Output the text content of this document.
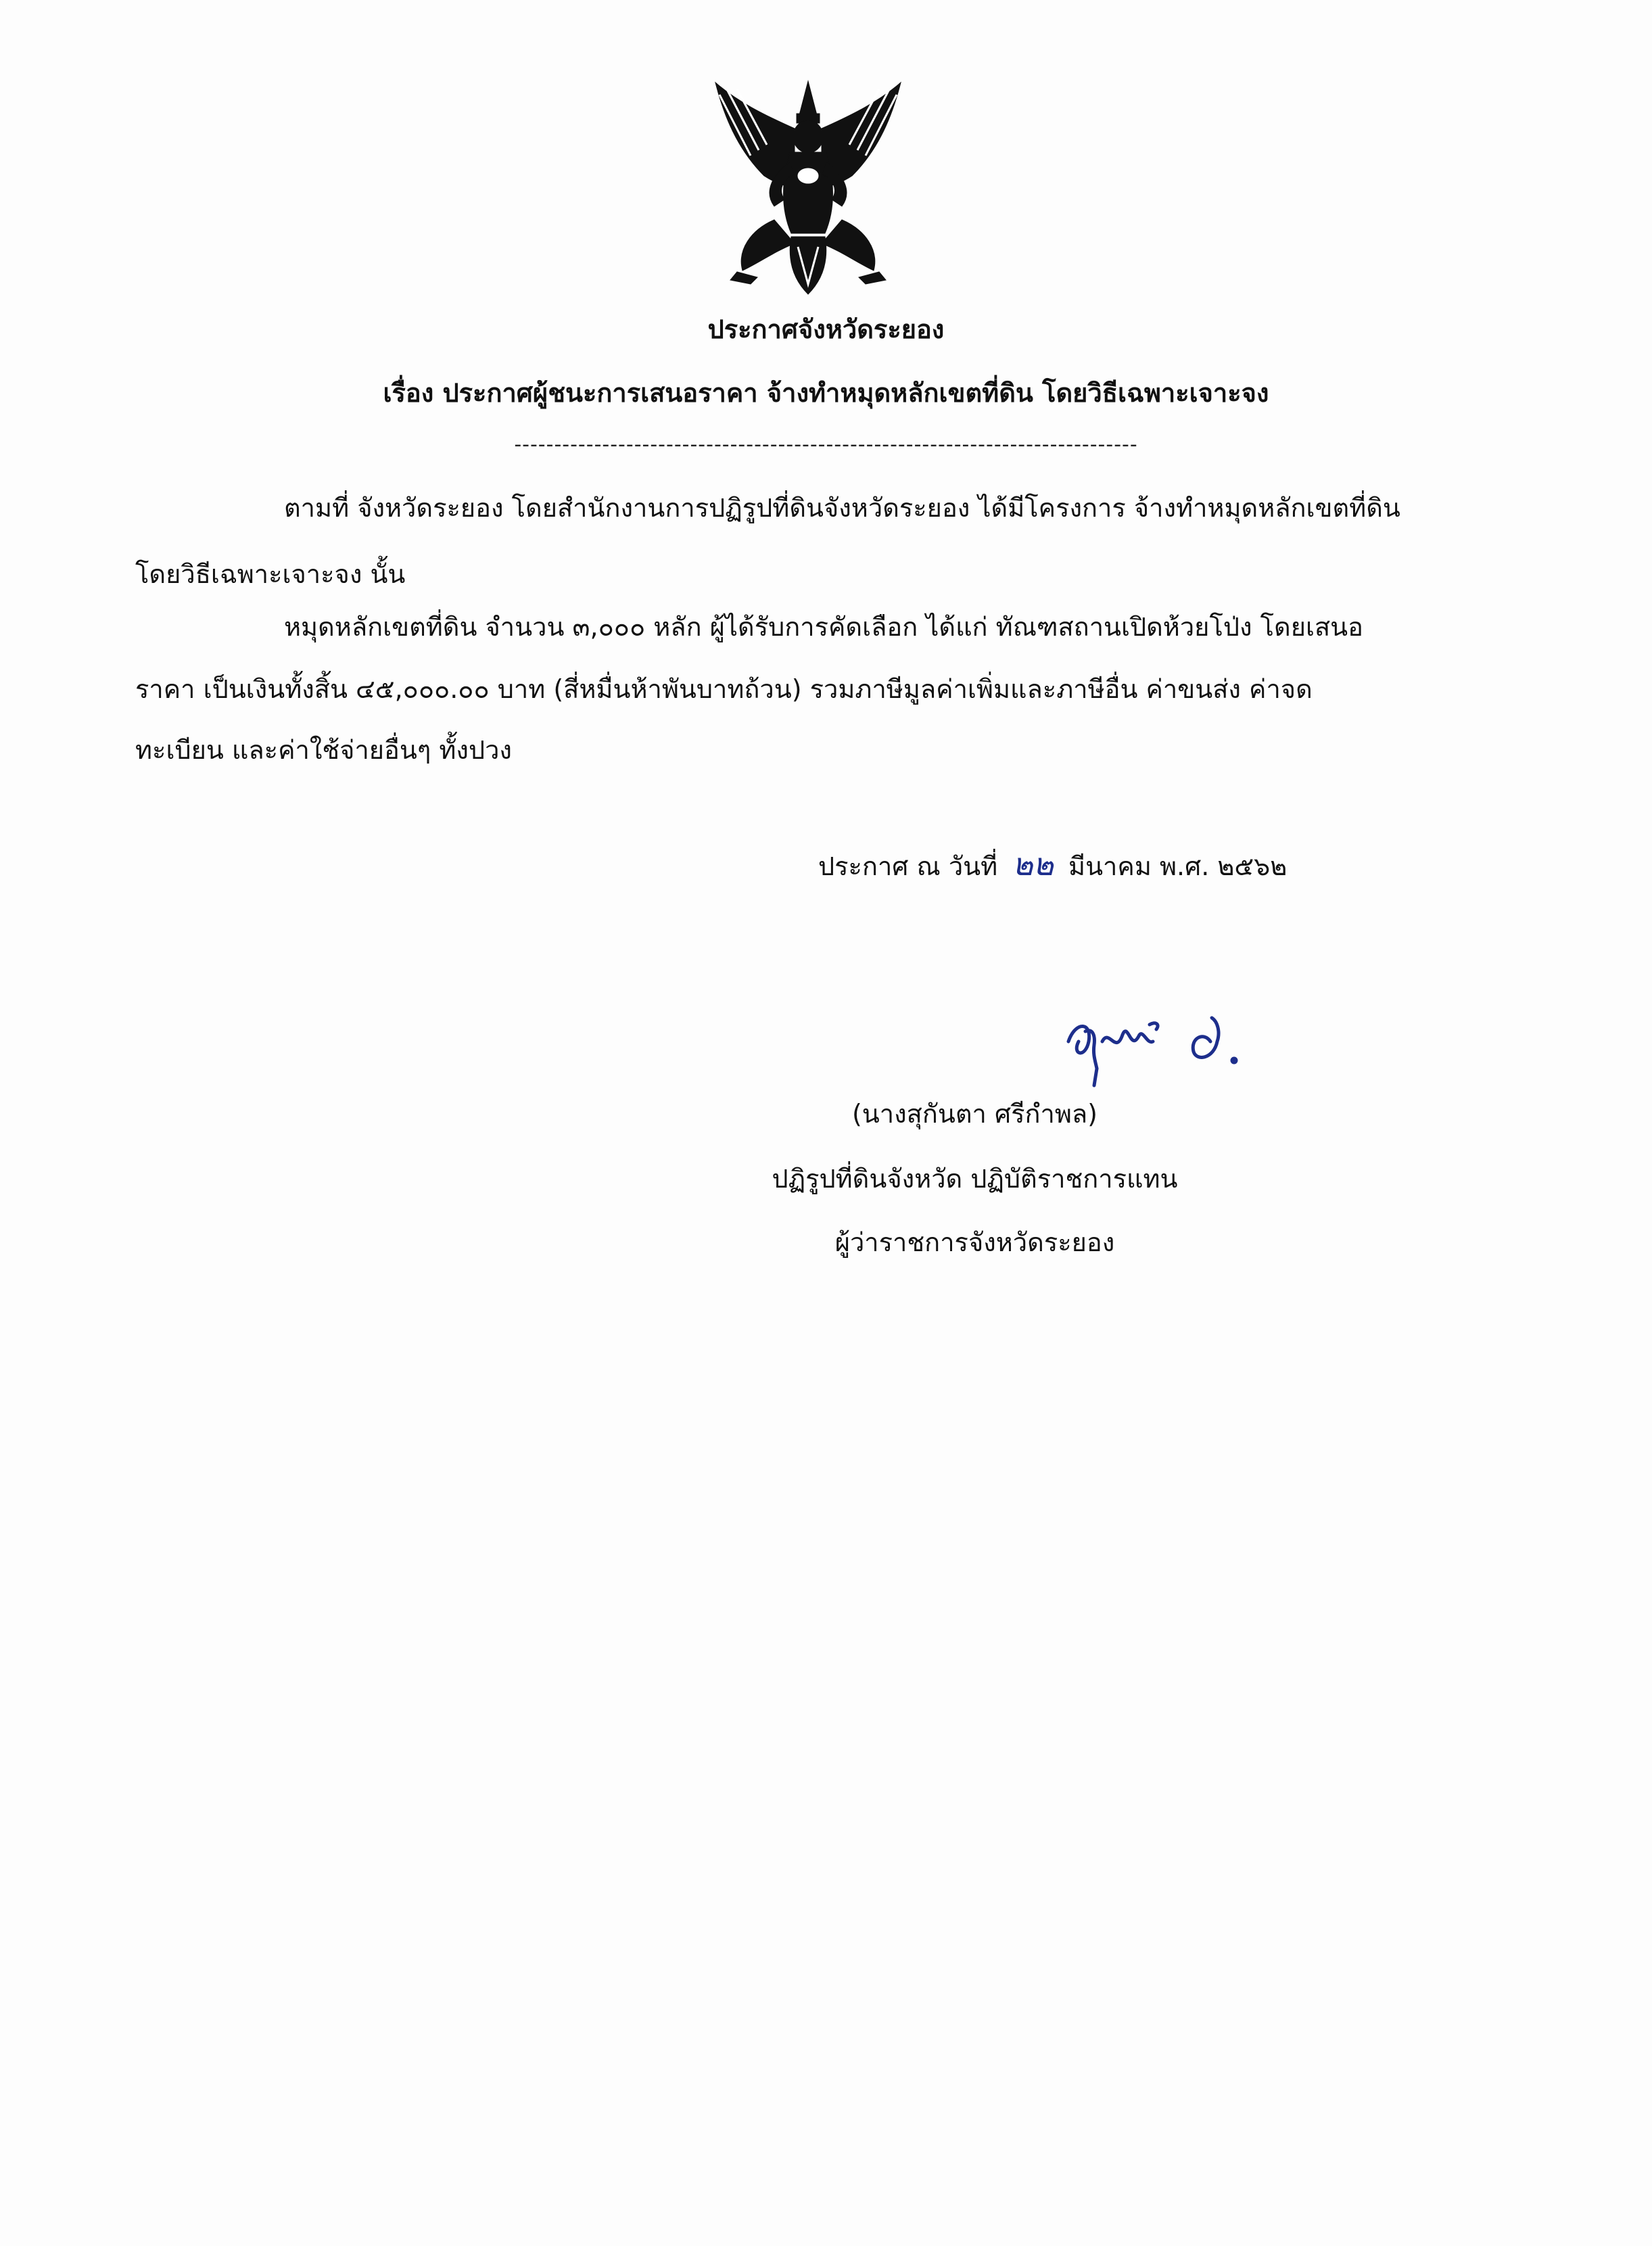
ประกาศจังหวัดระยอง
เรื่อง ประกาศผู้ชนะการเสนอราคา จ้างทำหมุดหลักเขตที่ดิน โดยวิธีเฉพาะเจาะจง
------------------------------------------------------------------------------
ตามที่ จังหวัดระยอง โดยสำนักงานการปฏิรูปที่ดินจังหวัดระยอง ได้มีโครงการ จ้างทำหมุดหลักเขตที่ดิน
โดยวิธีเฉพาะเจาะจง นั้น
หมุดหลักเขตที่ดิน จำนวน ๓,๐๐๐ หลัก ผู้ได้รับการคัดเลือก ได้แก่ ทัณฑสถานเปิดห้วยโป่ง โดยเสนอ
ราคา เป็นเงินทั้งสิ้น ๔๕,๐๐๐.๐๐ บาท (สี่หมื่นห้าพันบาทถ้วน) รวมภาษีมูลค่าเพิ่มและภาษีอื่น ค่าขนส่ง ค่าจด
ทะเบียน และค่าใช้จ่ายอื่นๆ ทั้งปวง
ประกาศ ณ วันที่ ๒๒ มีนาคม พ.ศ. ๒๕๖๒
(นางสุกันตา ศรีกำพล)
ปฏิรูปที่ดินจังหวัด ปฏิบัติราชการแทน
ผู้ว่าราชการจังหวัดระยอง
